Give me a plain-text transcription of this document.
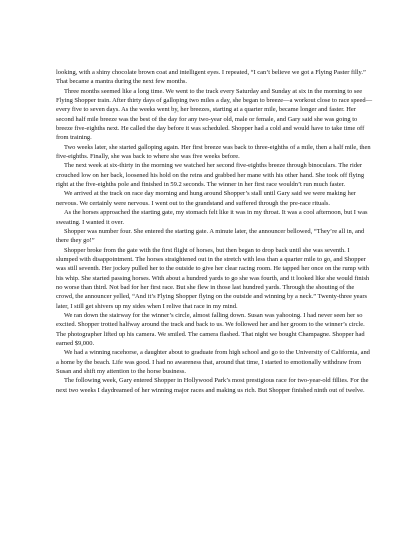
looking, with a shiny chocolate brown coat and intelligent eyes. I repeated, “I can’t believe we got a Flying Paster filly.” That became a mantra during the next few months.

Three months seemed like a long time. We went to the track every Saturday and Sunday at six in the morning to see Flying Shopper train. After thirty days of galloping two miles a day, she began to breeze—a workout close to race speed—every five to seven days. As the weeks went by, her breezes, starting at a quarter mile, became longer and faster. Her second half mile breeze was the best of the day for any two-year old, male or female, and Gary said she was going to breeze five-eighths next. He called the day before it was scheduled. Shopper had a cold and would have to take time off from training.

Two weeks later, she started galloping again. Her first breeze was back to three-eighths of a mile, then a half mile, then five-eighths. Finally, she was back to where she was five weeks before.

The next week at six-thirty in the morning we watched her second five-eighths breeze through binoculars. The rider crouched low on her back, loosened his hold on the reins and grabbed her mane with his other hand. She took off flying right at the five-eighths pole and finished in 59.2 seconds. The winner in her first race wouldn’t run much faster.

We arrived at the track on race day morning and hung around Shopper’s stall until Gary said we were making her nervous. We certainly were nervous. I went out to the grandstand and suffered through the pre-race rituals.

As the horses approached the starting gate, my stomach felt like it was in my throat. It was a cool afternoon, but I was sweating. I wanted it over.

Shopper was number four. She entered the starting gate. A minute later, the announcer bellowed, “They’re all in, and there they go!”

Shopper broke from the gate with the first flight of horses, but then began to drop back until she was seventh. I slumped with disappointment. The horses straightened out in the stretch with less than a quarter mile to go, and Shopper was still seventh. Her jockey pulled her to the outside to give her clear racing room. He tapped her once on the rump with his whip. She started passing horses. With about a hundred yards to go she was fourth, and it looked like she would finish no worse than third. Not bad for her first race. But she flew in those last hundred yards. Through the shouting of the crowd, the announcer yelled, “And it’s Flying Shopper flying on the outside and winning by a neck.” Twenty-three years later, I still get shivers up my sides when I relive that race in my mind.

We ran down the stairway for the winner’s circle, almost falling down. Susan was yahooing. I had never seen her so excited. Shopper trotted halfway around the track and back to us. We followed her and her groom to the winner’s circle. The photographer lifted up his camera. We smiled. The camera flashed. That night we bought Champagne. Shopper had earned $9,000.

We had a winning racehorse, a daughter about to graduate from high school and go to the University of California, and a home by the beach. Life was good. I had no awareness that, around that time, I started to emotionally withdraw from Susan and shift my attention to the horse business.

The following week, Gary entered Shopper in Hollywood Park’s most prestigious race for two-year-old fillies. For the next two weeks I daydreamed of her winning major races and making us rich. But Shopper finished ninth out of twelve.
